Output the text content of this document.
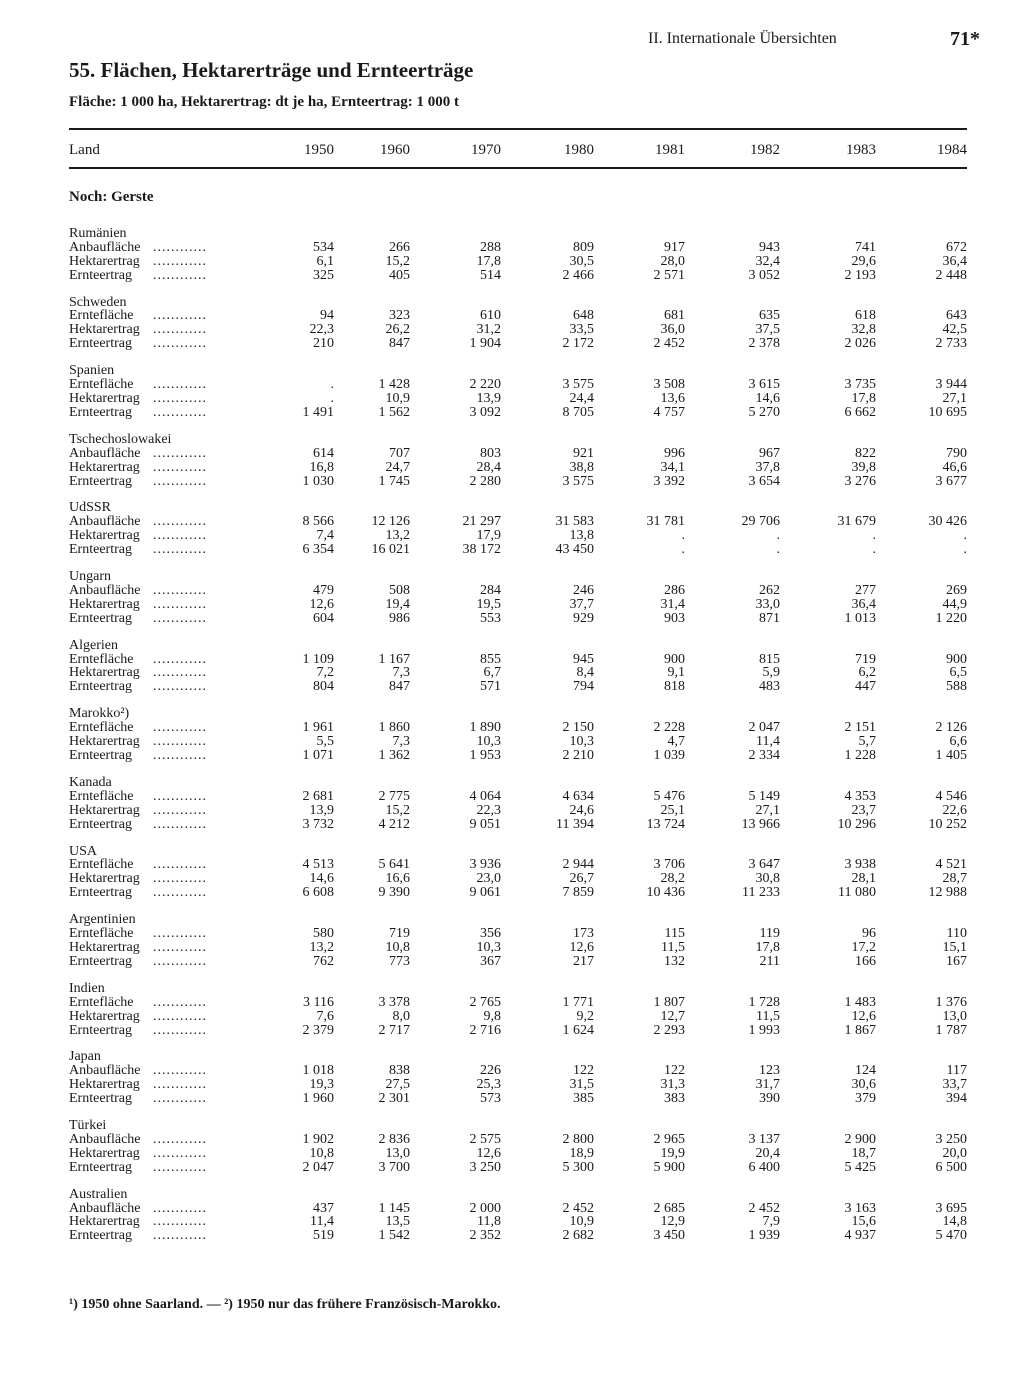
II. Internationale Übersichten	71*
55. Flächen, Hektarerträge und Ernteerträge
Fläche: 1 000 ha, Hektarertrag: dt je ha, Ernteertrag: 1 000 t
Land	1950	1960	1970	1980	1981	1982	1983	1984
Noch: Gerste								
Rumänien								
Anbaufläche ............	534	266	288	809	917	943	741	672
Hektarertrag ............	6,1	15,2	17,8	30,5	28,0	32,4	29,6	36,4
Ernteertrag ............	325	405	514	2 466	2 571	3 052	2 193	2 448
Schweden								
Erntefläche ............	94	323	610	648	681	635	618	643
Hektarertrag ............	22,3	26,2	31,2	33,5	36,0	37,5	32,8	42,5
Ernteertrag ............	210	847	1 904	2 172	2 452	2 378	2 026	2 733
Spanien								
Erntefläche ............	.	1 428	2 220	3 575	3 508	3 615	3 735	3 944
Hektarertrag ............	.	10,9	13,9	24,4	13,6	14,6	17,8	27,1
Ernteertrag ............	1 491	1 562	3 092	8 705	4 757	5 270	6 662	10 695
Tschechoslowakei								
Anbaufläche ............	614	707	803	921	996	967	822	790
Hektarertrag ............	16,8	24,7	28,4	38,8	34,1	37,8	39,8	46,6
Ernteertrag ............	1 030	1 745	2 280	3 575	3 392	3 654	3 276	3 677
UdSSR								
Anbaufläche ............	8 566	12 126	21 297	31 583	31 781	29 706	31 679	30 426
Hektarertrag ............	7,4	13,2	17,9	13,8	.	.	.	.
Ernteertrag ............	6 354	16 021	38 172	43 450	.	.	.	.
Ungarn								
Anbaufläche ............	479	508	284	246	286	262	277	269
Hektarertrag ............	12,6	19,4	19,5	37,7	31,4	33,0	36,4	44,9
Ernteertrag ............	604	986	553	929	903	871	1 013	1 220
Algerien								
Erntefläche ............	1 109	1 167	855	945	900	815	719	900
Hektarertrag ............	7,2	7,3	6,7	8,4	9,1	5,9	6,2	6,5
Ernteertrag ............	804	847	571	794	818	483	447	588
Marokko²)								
Erntefläche ............	1 961	1 860	1 890	2 150	2 228	2 047	2 151	2 126
Hektarertrag ............	5,5	7,3	10,3	10,3	4,7	11,4	5,7	6,6
Ernteertrag ............	1 071	1 362	1 953	2 210	1 039	2 334	1 228	1 405
Kanada								
Erntefläche ............	2 681	2 775	4 064	4 634	5 476	5 149	4 353	4 546
Hektarertrag ............	13,9	15,2	22,3	24,6	25,1	27,1	23,7	22,6
Ernteertrag ............	3 732	4 212	9 051	11 394	13 724	13 966	10 296	10 252
USA								
Erntefläche ............	4 513	5 641	3 936	2 944	3 706	3 647	3 938	4 521
Hektarertrag ............	14,6	16,6	23,0	26,7	28,2	30,8	28,1	28,7
Ernteertrag ............	6 608	9 390	9 061	7 859	10 436	11 233	11 080	12 988
Argentinien								
Erntefläche ............	580	719	356	173	115	119	96	110
Hektarertrag ............	13,2	10,8	10,3	12,6	11,5	17,8	17,2	15,1
Ernteertrag ............	762	773	367	217	132	211	166	167
Indien								
Erntefläche ............	3 116	3 378	2 765	1 771	1 807	1 728	1 483	1 376
Hektarertrag ............	7,6	8,0	9,8	9,2	12,7	11,5	12,6	13,0
Ernteertrag ............	2 379	2 717	2 716	1 624	2 293	1 993	1 867	1 787
Japan								
Anbaufläche ............	1 018	838	226	122	122	123	124	117
Hektarertrag ............	19,3	27,5	25,3	31,5	31,3	31,7	30,6	33,7
Ernteertrag ............	1 960	2 301	573	385	383	390	379	394
Türkei								
Anbaufläche ............	1 902	2 836	2 575	2 800	2 965	3 137	2 900	3 250
Hektarertrag ............	10,8	13,0	12,6	18,9	19,9	20,4	18,7	20,0
Ernteertrag ............	2 047	3 700	3 250	5 300	5 900	6 400	5 425	6 500
Australien								
Anbaufläche ............	437	1 145	2 000	2 452	2 685	2 452	3 163	3 695
Hektarertrag ............	11,4	13,5	11,8	10,9	12,9	7,9	15,6	14,8
Ernteertrag ............	519	1 542	2 352	2 682	3 450	1 939	4 937	5 470
¹) 1950 ohne Saarland. — ²) 1950 nur das frühere Französisch-Marokko.
